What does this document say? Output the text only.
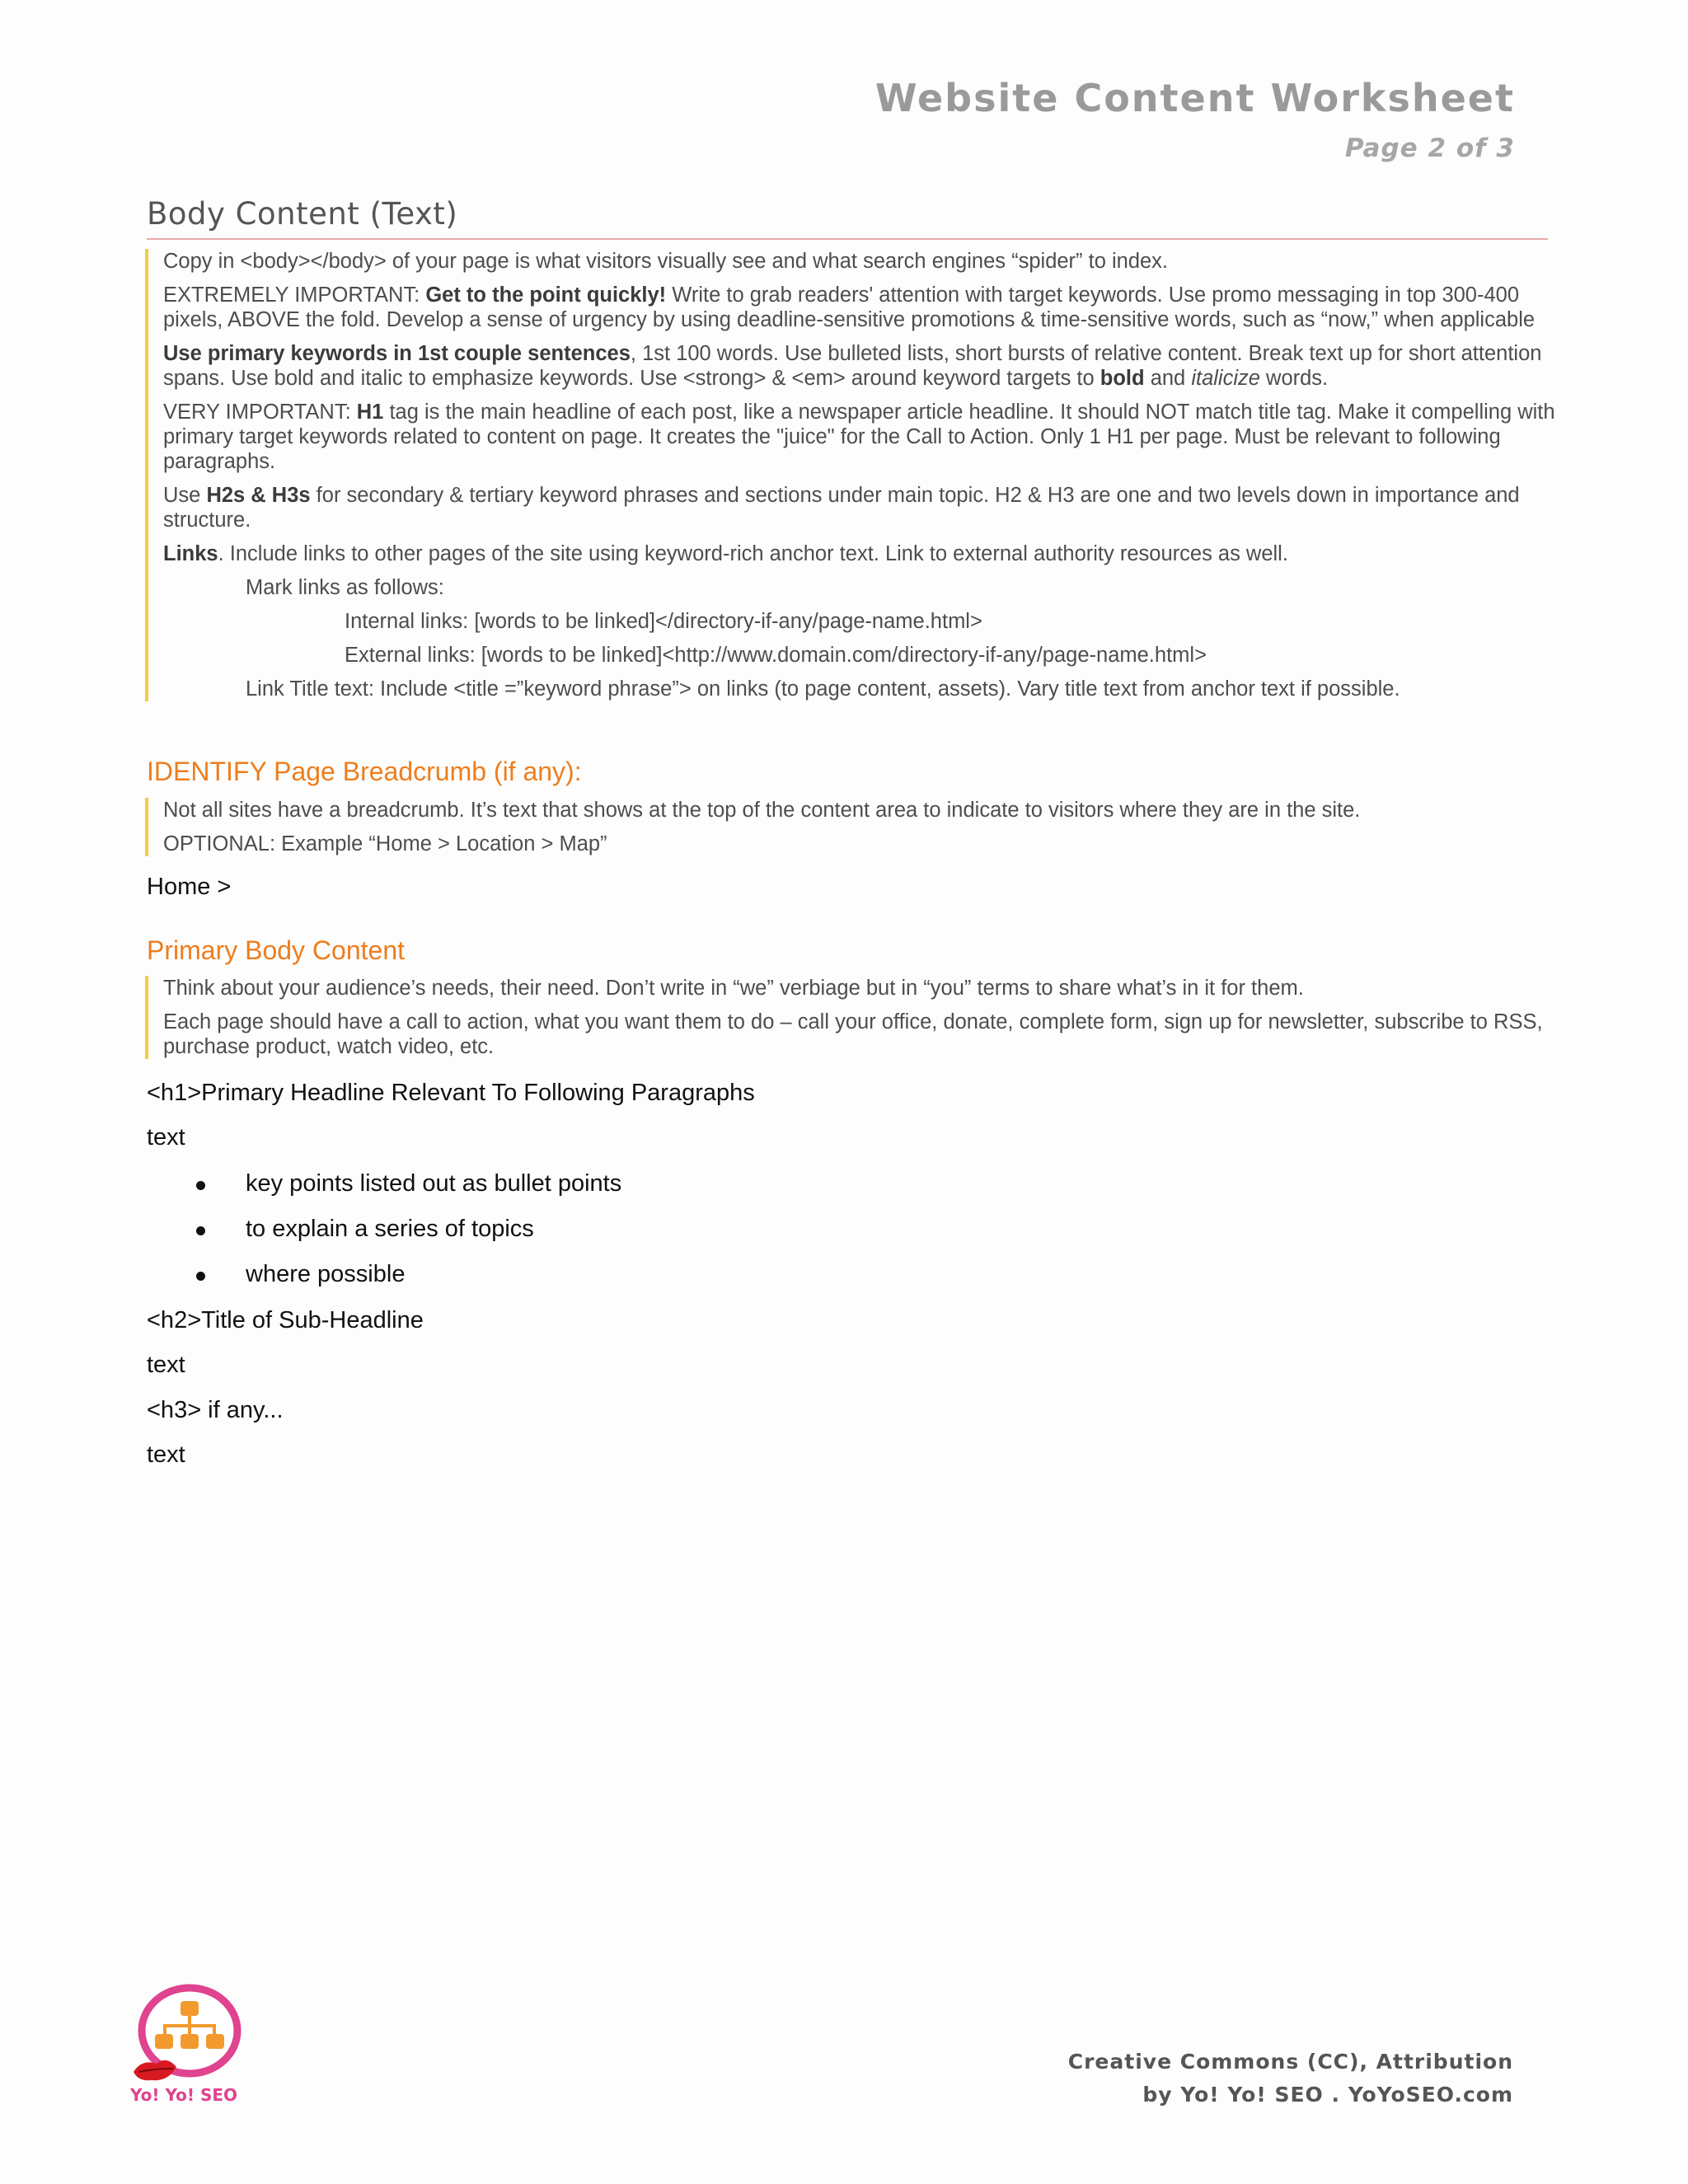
Website Content Worksheet
Page 2 of 3
Body Content (Text)

Copy in <body></body> of your page is what visitors visually see and what search engines “spider” to index.

EXTREMELY IMPORTANT: Get to the point quickly! Write to grab readers' attention with target keywords. Use promo messaging in top 300-400 pixels, ABOVE the fold. Develop a sense of urgency by using deadline-sensitive promotions & time-sensitive words, such as “now,” when applicable

Use primary keywords in 1st couple sentences, 1st 100 words. Use bulleted lists, short bursts of relative content. Break text up for short attention spans. Use bold and italic to emphasize keywords. Use <strong> & <em> around keyword targets to bold and italicize words.

VERY IMPORTANT: H1 tag is the main headline of each post, like a newspaper article headline. It should NOT match title tag. Make it compelling with primary target keywords related to content on page. It creates the "juice" for the Call to Action. Only 1 H1 per page. Must be relevant to following paragraphs.

Use H2s & H3s for secondary & tertiary keyword phrases and sections under main topic. H2 & H3 are one and two levels down in importance and structure.

Links. Include links to other pages of the site using keyword-rich anchor text. Link to external authority resources as well.

Mark links as follows:

Internal links: [words to be linked]</directory-if-any/page-name.html>

External links: [words to be linked]<http://www.domain.com/directory-if-any/page-name.html>

Link Title text: Include <title =”keyword phrase”> on links (to page content, assets). Vary title text from anchor text if possible.

IDENTIFY Page Breadcrumb (if any):

Not all sites have a breadcrumb. It’s text that shows at the top of the content area to indicate to visitors where they are in the site.

OPTIONAL: Example “Home > Location > Map”

Home >

Primary Body Content

Think about your audience’s needs, their need. Don’t write in “we” verbiage but in “you” terms to share what’s in it for them.

Each page should have a call to action, what you want them to do – call your office, donate, complete form, sign up for newsletter, subscribe to RSS, purchase product, watch video, etc.

<h1>Primary Headline Relevant To Following Paragraphs

text

key points listed out as bullet points
to explain a series of topics
where possible

<h2>Title of Sub-Headline

text

<h3> if any...

text

Yo! Yo! SEO
Creative Commons (CC), Attribution
by Yo! Yo! SEO . YoYoSEO.com
